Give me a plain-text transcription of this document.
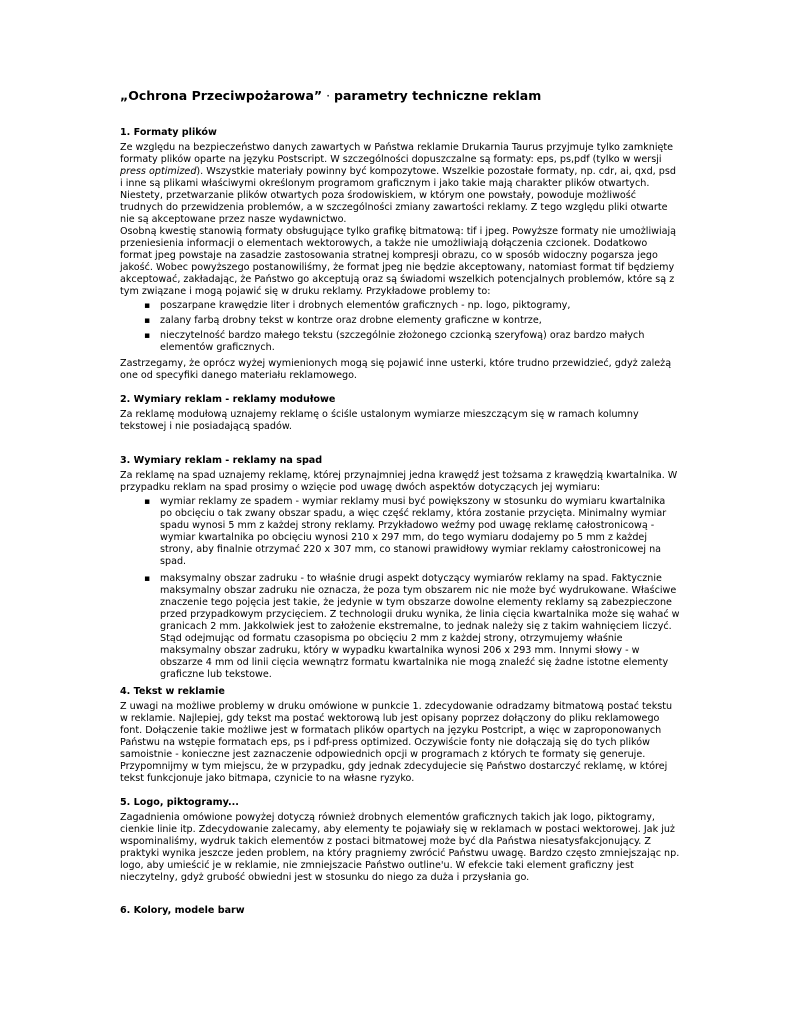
„Ochrona Przeciwpożarowa” · parametry techniczne reklam
1. Formaty plików

Ze względu na bezpieczeństwo danych zawartych w Państwa reklamie Drukarnia Taurus przyjmuje tylko zamknięte formaty plików oparte na języku Postscript. W szczególności dopuszczalne są formaty: eps, ps,pdf (tylko w wersji press optimized). Wszystkie materiały powinny być kompozytowe. Wszelkie pozostałe formaty, np. cdr, ai, qxd, psd i inne są plikami właściwymi określonym programom graficznym i jako takie mają charakter plików otwartych. Niestety, przetwarzanie plików otwartych poza środowiskiem, w którym one powstały, powoduje możliwość trudnych do przewidzenia problemów, a w szczególności zmiany zawartości reklamy. Z tego względu pliki otwarte nie są akceptowane przez nasze wydawnictwo.

Osobną kwestię stanowią formaty obsługujące tylko grafikę bitmatową: tif i jpeg. Powyższe formaty nie umożliwiają przeniesienia informacji o elementach wektorowych, a także nie umożliwiają dołączenia czcionek. Dodatkowo format jpeg powstaje na zasadzie zastosowania stratnej kompresji obrazu, co w sposób widoczny pogarsza jego jakość. Wobec powyższego postanowiliśmy, że format jpeg nie będzie akceptowany, natomiast format tif będziemy akceptować, zakładając, że Państwo go akceptują oraz są świadomi wszelkich potencjalnych problemów, które są z tym związane i mogą pojawić się w druku reklamy. Przykładowe problemy to:

▪ poszarpane krawędzie liter i drobnych elementów graficznych - np. logo, piktogramy,
▪ zalany farbą drobny tekst w kontrze oraz drobne elementy graficzne w kontrze,
▪ nieczytelność bardzo małego tekstu (szczególnie złożonego czcionką szeryfową) oraz bardzo małych elementów graficznych.

Zastrzegamy, że oprócz wyżej wymienionych mogą się pojawić inne usterki, które trudno przewidzieć, gdyż zależą one od specyfiki danego materiału reklamowego.

2. Wymiary reklam - reklamy modułowe

Za reklamę modułową uznajemy reklamę o ściśle ustalonym wymiarze mieszczącym się w ramach kolumny tekstowej i nie posiadającą spadów.

3. Wymiary reklam - reklamy na spad

Za reklamę na spad uznajemy reklamę, której przynajmniej jedna krawędź jest tożsama z krawędzią kwartalnika. W przypadku reklam na spad prosimy o wzięcie pod uwagę dwóch aspektów dotyczących jej wymiaru:

▪ wymiar reklamy ze spadem - wymiar reklamy musi być powiększony w stosunku do wymiaru kwartalnika po obcięciu o tak zwany obszar spadu, a więc część reklamy, która zostanie przycięta. Minimalny wymiar spadu wynosi 5 mm z każdej strony reklamy. Przykładowo weźmy pod uwagę reklamę całostronicową - wymiar kwartalnika po obcięciu wynosi 210 x 297 mm, do tego wymiaru dodajemy po 5 mm z każdej strony, aby finalnie otrzymać 220 x 307 mm, co stanowi prawidłowy wymiar reklamy całostronicowej na spad.
▪ maksymalny obszar zadruku - to właśnie drugi aspekt dotyczący wymiarów reklamy na spad. Faktycznie maksymalny obszar zadruku nie oznacza, że poza tym obszarem nic nie może być wydrukowane. Właściwe znaczenie tego pojęcia jest takie, że jedynie w tym obszarze dowolne elementy reklamy są zabezpieczone przed przypadkowym przycięciem. Z technologii druku wynika, że linia cięcia kwartalnika może się wahać w granicach 2 mm. Jakkolwiek jest to założenie ekstremalne, to jednak należy się z takim wahnięciem liczyć. Stąd odejmując od formatu czasopisma po obcięciu 2 mm z każdej strony, otrzymujemy właśnie maksymalny obszar zadruku, który w wypadku kwartalnika wynosi 206 x 293 mm. Innymi słowy - w obszarze 4 mm od linii cięcia wewnątrz formatu kwartalnika nie mogą znaleźć się żadne istotne elementy graficzne lub tekstowe.
4. Tekst w reklamie

Z uwagi na możliwe problemy w druku omówione w punkcie 1. zdecydowanie odradzamy bitmatową postać tekstu w reklamie. Najlepiej, gdy tekst ma postać wektorową lub jest opisany poprzez dołączony do pliku reklamowego font. Dołączenie takie możliwe jest w formatach plików opartych na języku Postcript, a więc w zaproponowanych Państwu na wstępie formatach eps, ps i pdf-press optimized. Oczywiście fonty nie dołączają się do tych plików samoistnie - konieczne jest zaznaczenie odpowiednich opcji w programach z których te formaty się generuje. Przypomnijmy w tym miejscu, że w przypadku, gdy jednak zdecydujecie się Państwo dostarczyć reklamę, w której tekst funkcjonuje jako bitmapa, czynicie to na własne ryzyko.

5. Logo, piktogramy...

Zagadnienia omówione powyżej dotyczą również drobnych elementów graficznych takich jak logo, piktogramy, cienkie linie itp. Zdecydowanie zalecamy, aby elementy te pojawiały się w reklamach w postaci wektorowej. Jak już wspominaliśmy, wydruk takich elementów z postaci bitmatowej może być dla Państwa niesatysfakcjonujący. Z praktyki wynika jeszcze jeden problem, na który pragniemy zwrócić Państwu uwagę. Bardzo często zmniejszając np. logo, aby umieścić je w reklamie, nie zmniejszacie Państwo outline'u. W efekcie taki element graficzny jest nieczytelny, gdyż grubość obwiedni jest w stosunku do niego za duża i przysłania go.

6. Kolory, modele barw
